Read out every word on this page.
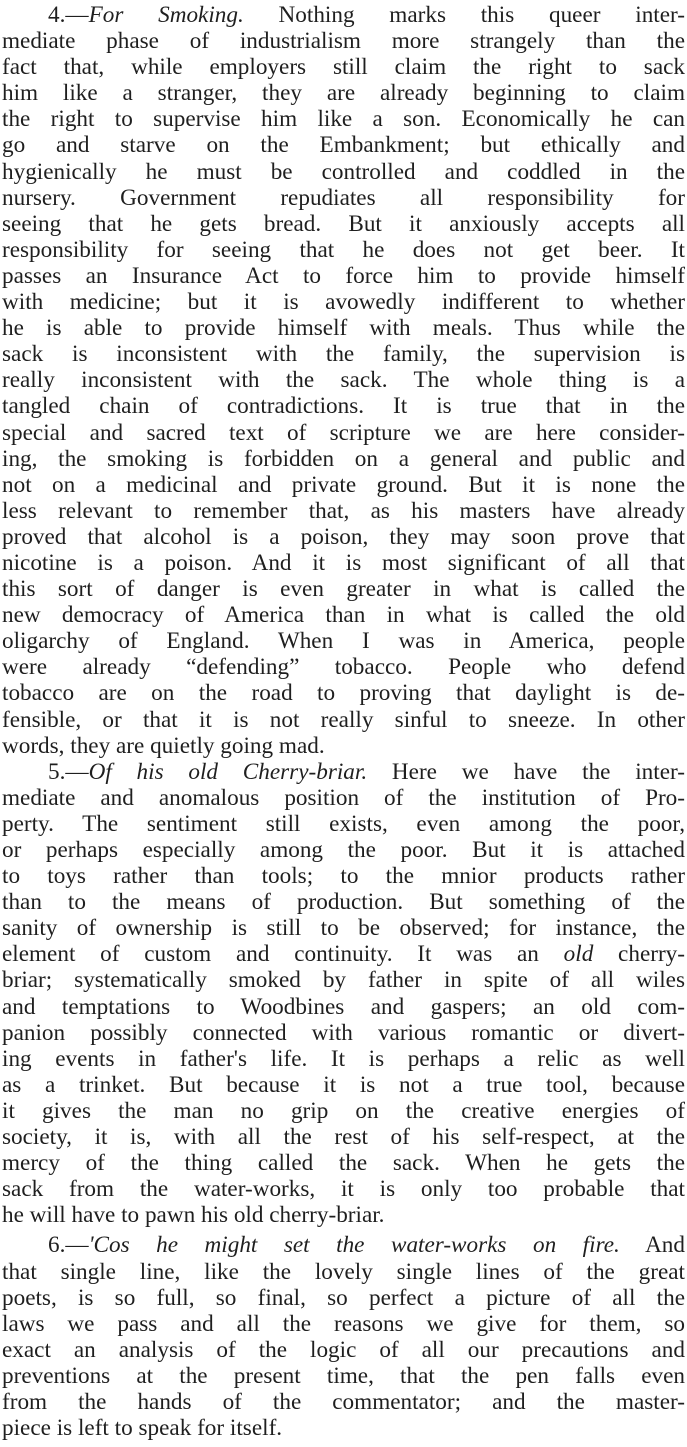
4.—For Smoking. Nothing marks this queer inter-
mediate phase of industrialism more strangely than the
fact that, while employers still claim the right to sack
him like a stranger, they are already beginning to claim
the right to supervise him like a son. Economically he can
go and starve on the Embankment; but ethically and
hygienically he must be controlled and coddled in the
nursery. Government repudiates all responsibility for
seeing that he gets bread. But it anxiously accepts all
responsibility for seeing that he does not get beer. It
passes an Insurance Act to force him to provide himself
with medicine; but it is avowedly indifferent to whether
he is able to provide himself with meals. Thus while the
sack is inconsistent with the family, the supervision is
really inconsistent with the sack. The whole thing is a
tangled chain of contradictions. It is true that in the
special and sacred text of scripture we are here consider-
ing, the smoking is forbidden on a general and public and
not on a medicinal and private ground. But it is none the
less relevant to remember that, as his masters have already
proved that alcohol is a poison, they may soon prove that
nicotine is a poison. And it is most significant of all that
this sort of danger is even greater in what is called the
new democracy of America than in what is called the old
oligarchy of England. When I was in America, people
were already “defending” tobacco. People who defend
tobacco are on the road to proving that daylight is de-
fensible, or that it is not really sinful to sneeze. In other
words, they are quietly going mad.
5.—Of his old Cherry-briar. Here we have the inter-
mediate and anomalous position of the institution of Pro-
perty. The sentiment still exists, even among the poor,
or perhaps especially among the poor. But it is attached
to toys rather than tools; to the mnior products rather
than to the means of production. But something of the
sanity of ownership is still to be observed; for instance, the
element of custom and continuity. It was an old cherry-
briar; systematically smoked by father in spite of all wiles
and temptations to Woodbines and gaspers; an old com-
panion possibly connected with various romantic or divert-
ing events in father's life. It is perhaps a relic as well
as a trinket. But because it is not a true tool, because
it gives the man no grip on the creative energies of
society, it is, with all the rest of his self-respect, at the
mercy of the thing called the sack. When he gets the
sack from the water-works, it is only too probable that
he will have to pawn his old cherry-briar.
6.—'Cos he might set the water-works on fire. And
that single line, like the lovely single lines of the great
poets, is so full, so final, so perfect a picture of all the
laws we pass and all the reasons we give for them, so
exact an analysis of the logic of all our precautions and
preventions at the present time, that the pen falls even
from the hands of the commentator; and the master-
piece is left to speak for itself.
